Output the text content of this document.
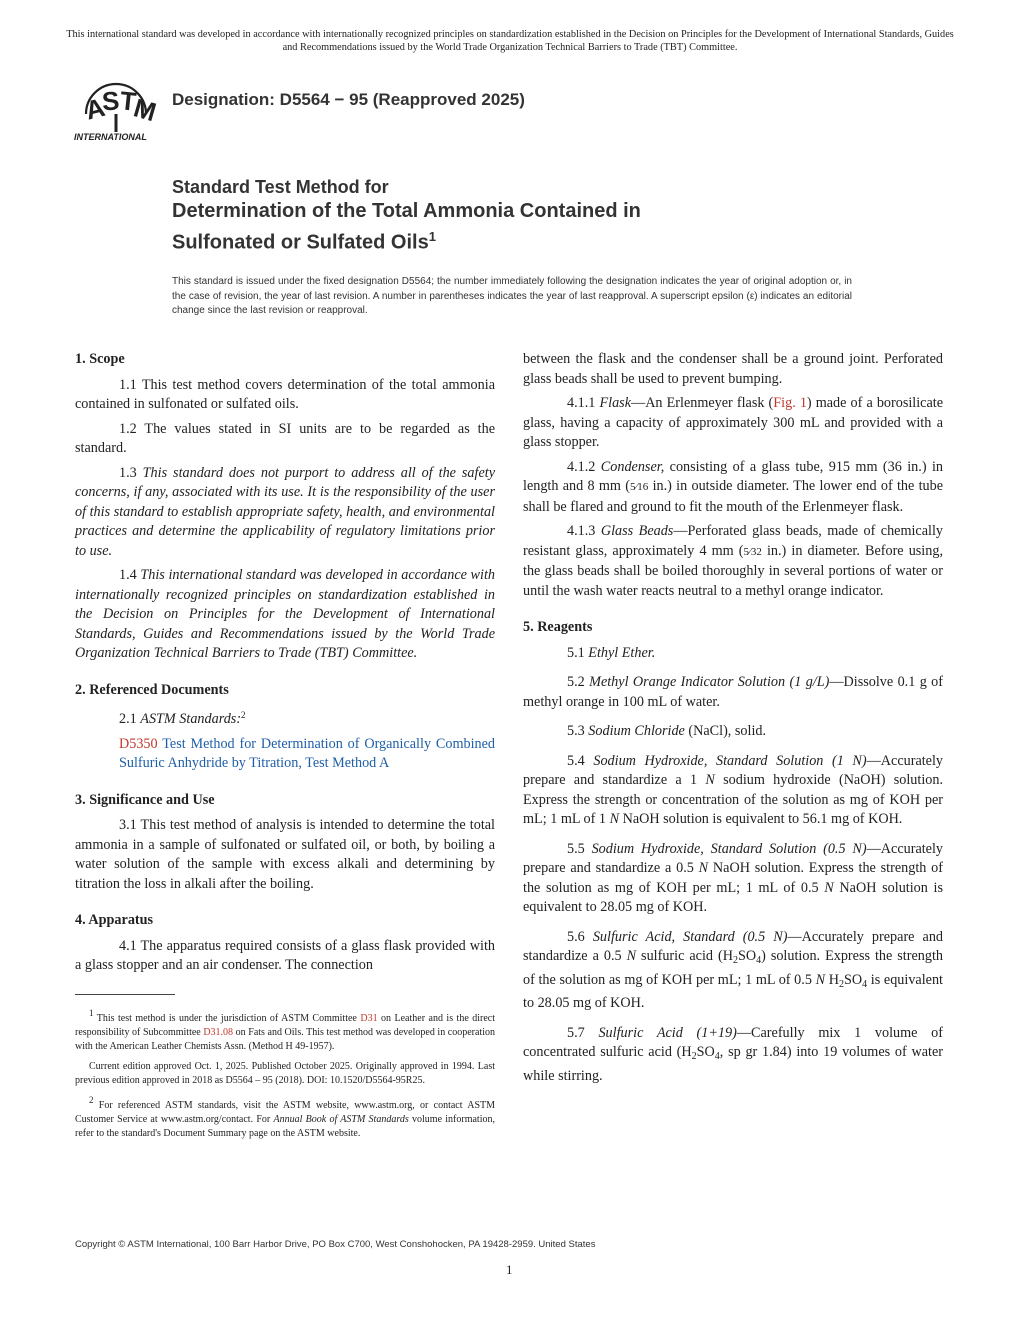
This international standard was developed in accordance with internationally recognized principles on standardization established in the Decision on Principles for the Development of International Standards, Guides and Recommendations issued by the World Trade Organization Technical Barriers to Trade (TBT) Committee.
A
S
T
M
INTERNATIONAL
Designation: D5564 − 95 (Reapproved 2025)
Standard Test Method for
Determination of the Total Ammonia Contained in
Sulfonated or Sulfated Oils$^1$
This standard is issued under the fixed designation D5564; the number immediately following the designation indicates the year of original adoption or, in the case of revision, the year of last revision. A number in parentheses indicates the year of last reapproval. A superscript epsilon (ε) indicates an editorial change since the last revision or reapproval.
1. Scope

1.1 This test method covers determination of the total ammonia contained in sulfonated or sulfated oils.

1.2 The values stated in SI units are to be regarded as the standard.

1.3 This standard does not purport to address all of the safety concerns, if any, associated with its use. It is the responsibility of the user of this standard to establish appropriate safety, health, and environmental practices and determine the applicability of regulatory limitations prior to use.

1.4 This international standard was developed in accordance with internationally recognized principles on standardization established in the Decision on Principles for the Development of International Standards, Guides and Recommendations issued by the World Trade Organization Technical Barriers to Trade (TBT) Committee.

2. Referenced Documents

2.1 ASTM Standards:$^2$

D5350 Test Method for Determination of Organically Combined Sulfuric Anhydride by Titration, Test Method A

3. Significance and Use

3.1 This test method of analysis is intended to determine the total ammonia in a sample of sulfonated or sulfated oil, or both, by boiling a water solution of the sample with excess alkali and determining by titration the loss in alkali after the boiling.

4. Apparatus

4.1 The apparatus required consists of a glass flask provided with a glass stopper and an air condenser. The connection

between the flask and the condenser shall be a ground joint. Perforated glass beads shall be used to prevent bumping.

4.1.1 Flask—An Erlenmeyer flask (Fig. 1) made of a borosilicate glass, having a capacity of approximately 300 mL and provided with a glass stopper.

4.1.2 Condenser, consisting of a glass tube, 915 mm (36 in.) in length and 8 mm (5⁄16 in.) in outside diameter. The lower end of the tube shall be flared and ground to fit the mouth of the Erlenmeyer flask.

4.1.3 Glass Beads—Perforated glass beads, made of chemically resistant glass, approximately 4 mm (5⁄32 in.) in diameter. Before using, the glass beads shall be boiled thoroughly in several portions of water or until the wash water reacts neutral to a methyl orange indicator.

5. Reagents

5.1 Ethyl Ether.

5.2 Methyl Orange Indicator Solution (1 g/L)—Dissolve 0.1 g of methyl orange in 100 mL of water.

5.3 Sodium Chloride (NaCl), solid.

5.4 Sodium Hydroxide, Standard Solution (1 N)—Accurately prepare and standardize a 1 N sodium hydroxide (NaOH) solution. Express the strength or concentration of the solution as mg of KOH per mL; 1 mL of 1 N NaOH solution is equivalent to 56.1 mg of KOH.

5.5 Sodium Hydroxide, Standard Solution (0.5 N)—Accurately prepare and standardize a 0.5 N NaOH solution. Express the strength of the solution as mg of KOH per mL; 1 mL of 0.5 N NaOH solution is equivalent to 28.05 mg of KOH.

5.6 Sulfuric Acid, Standard (0.5 N)—Accurately prepare and standardize a 0.5 N sulfuric acid $(H_2SO_4)$ solution. Express the strength of the solution as mg of KOH per mL; 1 mL of 0.5 N $H_2SO_4$ is equivalent to 28.05 mg of KOH.

5.7 Sulfuric Acid (1+19)—Carefully mix 1 volume of concentrated sulfuric acid ($H_2SO_4$, sp gr 1.84) into 19 volumes of water while stirring.

1 This test method is under the jurisdiction of ASTM Committee D31 on Leather and is the direct responsibility of Subcommittee D31.08 on Fats and Oils. This test method was developed in cooperation with the American Leather Chemists Assn. (Method H 49-1957).

Current edition approved Oct. 1, 2025. Published October 2025. Originally approved in 1994. Last previous edition approved in 2018 as D5564 – 95 (2018). DOI: 10.1520/D5564-95R25.

2 For referenced ASTM standards, visit the ASTM website, www.astm.org, or contact ASTM Customer Service at www.astm.org/contact. For Annual Book of ASTM Standards volume information, refer to the standard's Document Summary page on the ASTM website.

Copyright © ASTM International, 100 Barr Harbor Drive, PO Box C700, West Conshohocken, PA 19428-2959. United States
1
